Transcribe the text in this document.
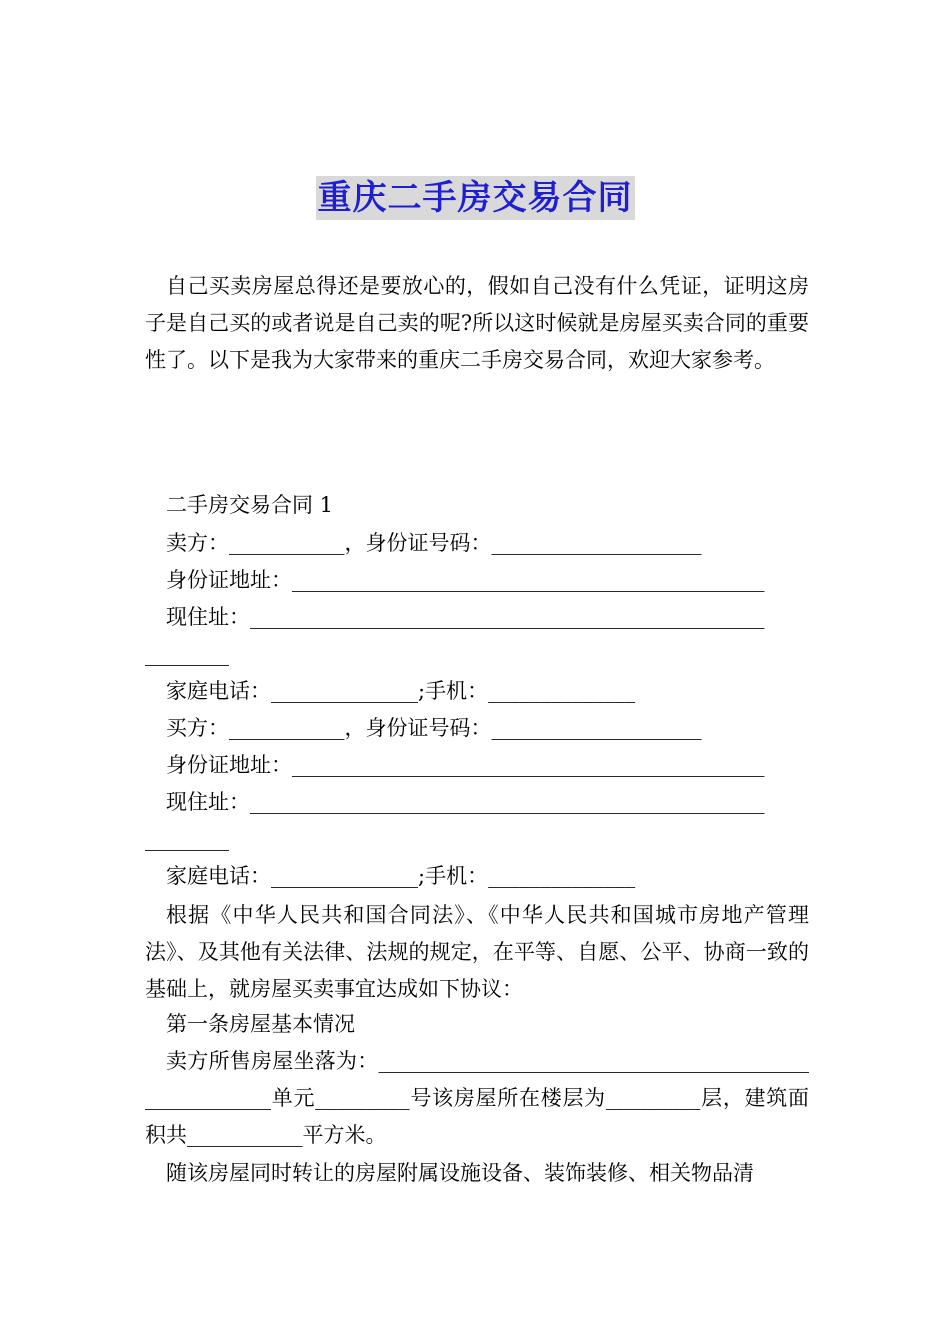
重庆二手房交易合同
自己买卖房屋总得还是要放心的，假如自己没有什么凭证，证明这房子是自己买的或者说是自己卖的呢?所以这时候就是房屋买卖合同的重要性了。以下是我为大家带来的重庆二手房交易合同，欢迎大家参考。
二手房交易合同 1
卖方：___________，身份证号码：____________________
身份证地址：_____________________________________________
现住址：_________________________________________________
________
家庭电话：______________;手机：______________
买方：___________，身份证号码：____________________
身份证地址：_____________________________________________
现住址：_________________________________________________
________
家庭电话：______________;手机：______________
根据《中华人民共和国合同法》、《中华人民共和国城市房地产管理法》、及其他有关法律、法规的规定，在平等、自愿、公平、协商一致的基础上，就房屋买卖事宜达成如下协议：
第一条房屋基本情况
卖方所售房屋坐落为：_____________________________________________________单元_________号该房屋所在楼层为_________层，建筑面积共___________平方米。
随该房屋同时转让的房屋附属设施设备、装饰装修、相关物品清
